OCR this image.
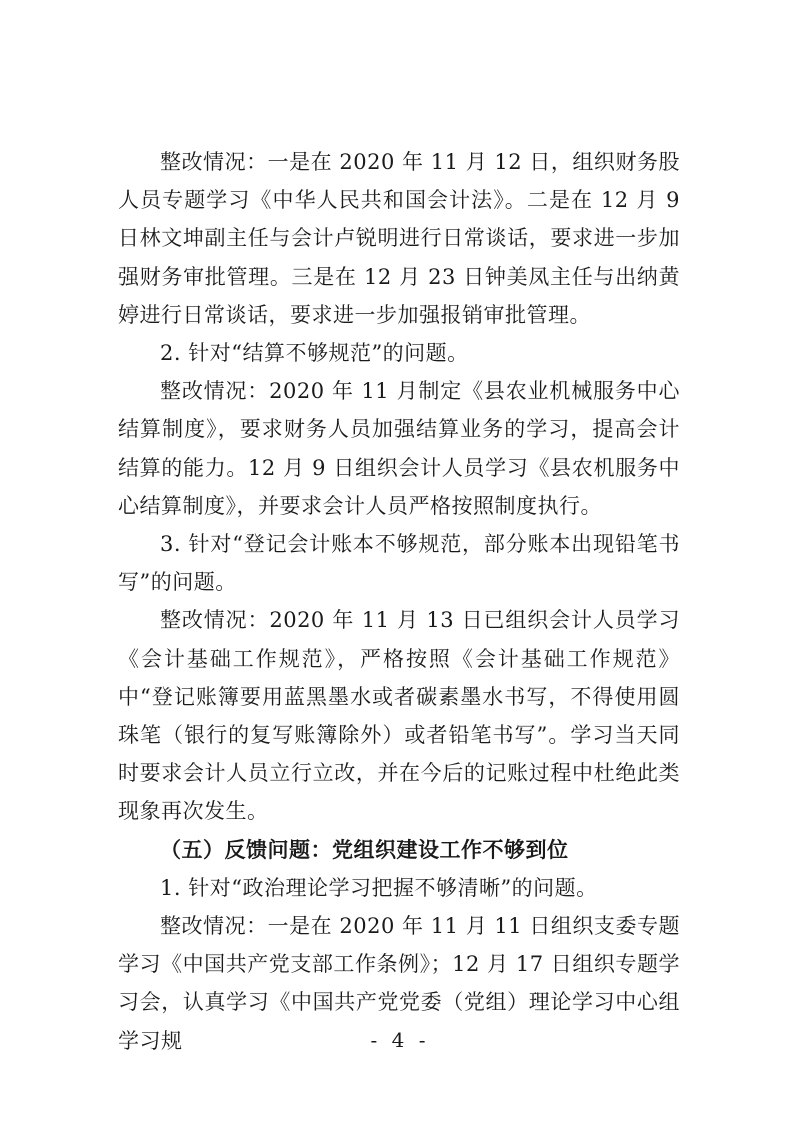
整改情况：一是在 2020 年 11 月 12 日，组织财务股人员专题学习《中华人民共和国会计法》。二是在 12 月 9 日林文坤副主任与会计卢锐明进行日常谈话，要求进一步加强财务审批管理。三是在 12 月 23 日钟美凤主任与出纳黄婷进行日常谈话，要求进一步加强报销审批管理。

2. 针对“结算不够规范”的问题。

整改情况：2020 年 11 月制定《县农业机械服务中心结算制度》，要求财务人员加强结算业务的学习，提高会计结算的能力。12 月 9 日组织会计人员学习《县农机服务中心结算制度》，并要求会计人员严格按照制度执行。

3. 针对“登记会计账本不够规范，部分账本出现铅笔书写”的问题。

整改情况：2020 年 11 月 13 日已组织会计人员学习《会计基础工作规范》，严格按照《会计基础工作规范》中“登记账簿要用蓝黑墨水或者碳素墨水书写，不得使用圆珠笔（银行的复写账簿除外）或者铅笔书写”。学习当天同时要求会计人员立行立改，并在今后的记账过程中杜绝此类现象再次发生。

（五）反馈问题：党组织建设工作不够到位

1. 针对“政治理论学习把握不够清晰”的问题。

整改情况：一是在 2020 年 11 月 11 日组织支委专题学习《中国共产党支部工作条例》；12 月 17 日组织专题学习会，认真学习《中国共产党党委（党组）理论学习中心组学习规	- 4 -
